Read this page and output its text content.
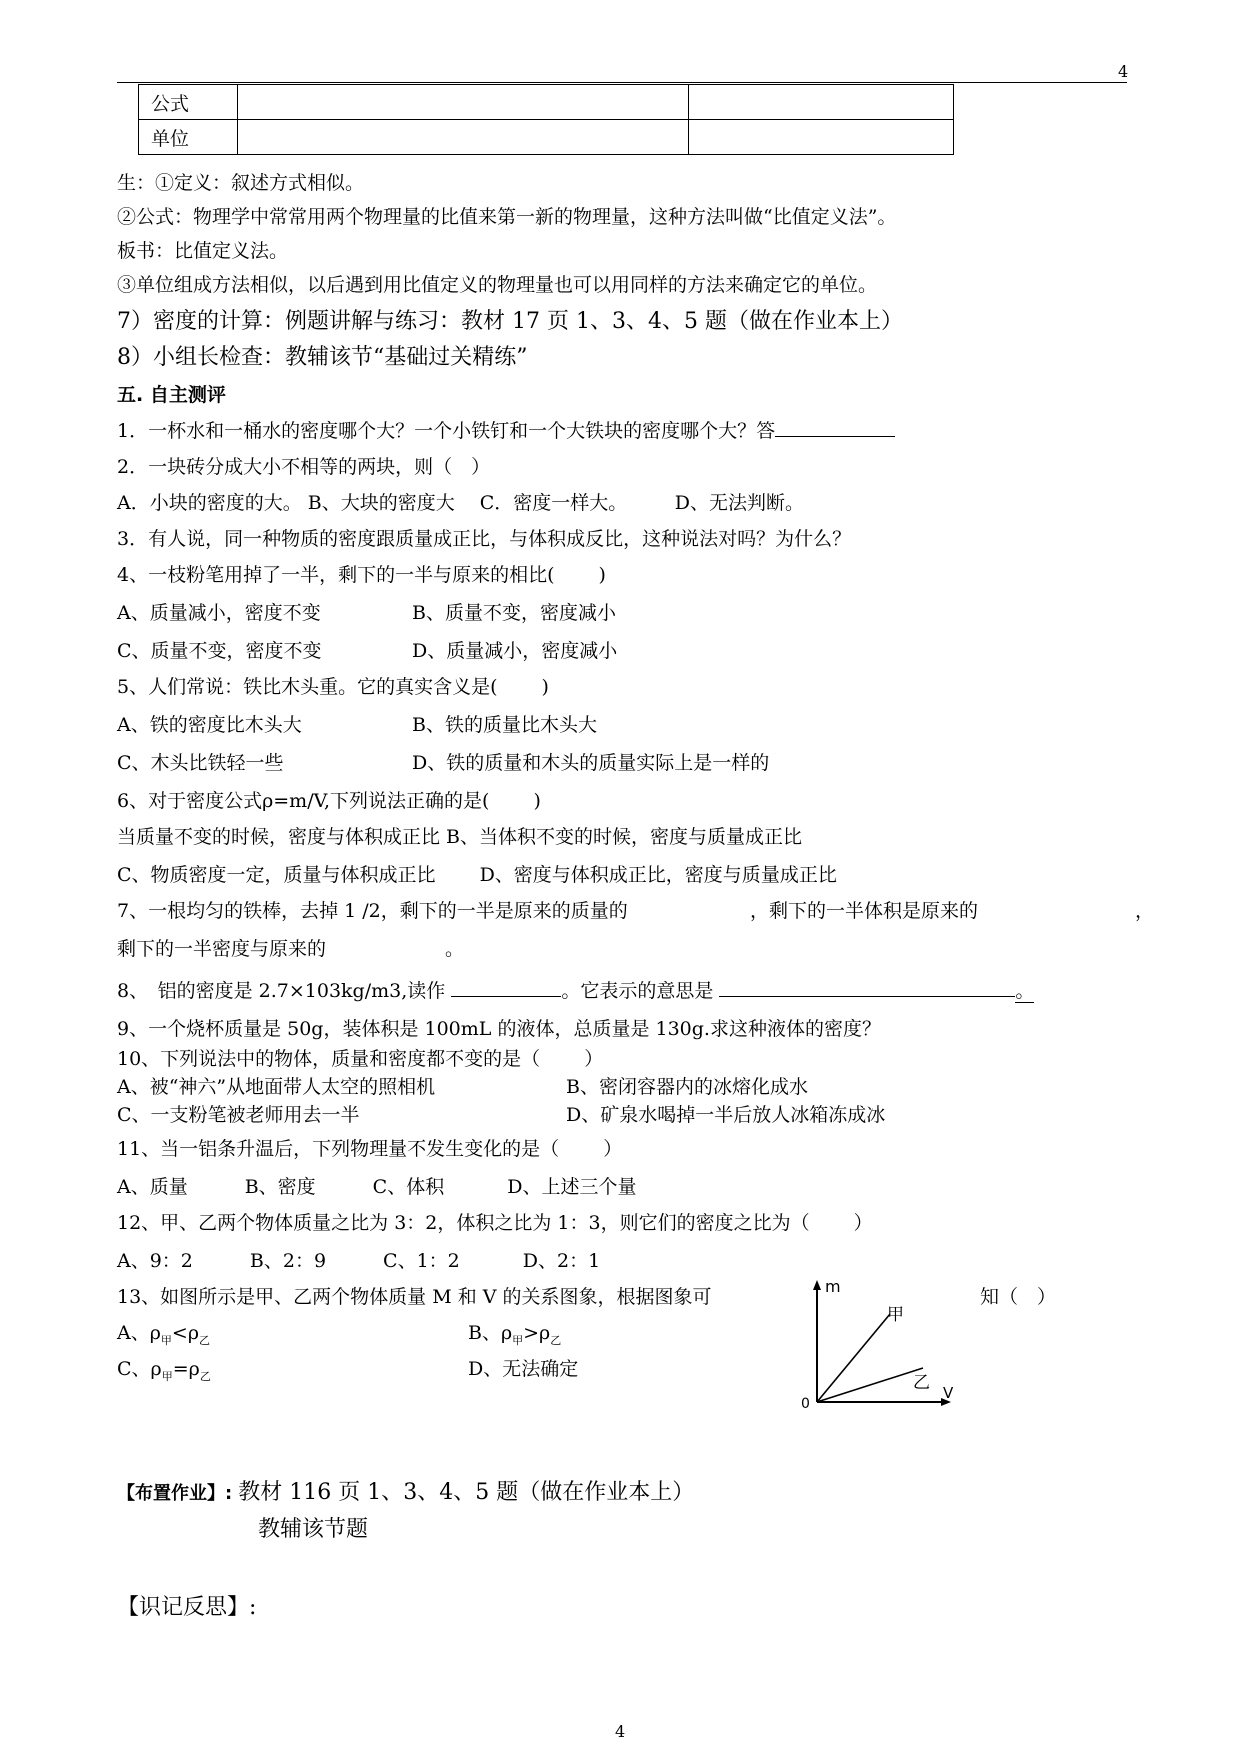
4
公式		
单位		
生：①定义：叙述方式相似。
②公式：物理学中常常用两个物理量的比值来第一新的物理量，这种方法叫做“比值定义法”。
板书：比值定义法。
③单位组成方法相似，以后遇到用比值定义的物理量也可以用同样的方法来确定它的单位。
7）密度的计算：例题讲解与练习：教材 17 页 1、3、4、5 题（做在作业本上）
8）小组长检查：教辅该节“基础过关精练”
五. 自主测评
1．一杯水和一桶水的密度哪个大？一个小铁钉和一个大铁块的密度哪个大？答
2．一块砖分成大小不相等的两块，则（　）
A．小块的密度的大。 B、大块的密度大　 C．密度一样大。　　　D、无法判断。
3．有人说，同一种物质的密度跟质量成正比，与体积成反比，这种说法对吗？为什么？
4、一枝粉笔用掉了一半，剩下的一半与原来的相比(　　 )
A、质量减小，密度不变	B、质量不变，密度减小
C、质量不变，密度不变	D、质量减小，密度减小
5、人们常说：铁比木头重。它的真实含义是(　　 )
A、铁的密度比木头大	B、铁的质量比木头大
C、木头比铁轻一些	D、铁的质量和木头的质量实际上是一样的
6、对于密度公式ρ=m/V,下列说法正确的是(　　 )
当质量不变的时候，密度与体积成正比 B、当体积不变的时候，密度与质量成正比
C、物质密度一定，质量与体积成正比　　 D、密度与体积成正比，密度与质量成正比
7、一根均匀的铁棒，去掉 1 /2，剩下的一半是原来的质量的	，剩下的一半体积是原来的	，
剩下的一半密度与原来的	。
8、　铝的密度是 2.7×103kg/m3,读作	。它表示的意思是	。
9、一个烧杯质量是 50g，装体积是 100mL 的液体，总质量是 130g.求这种液体的密度？
10、下列说法中的物体，质量和密度都不变的是（　　 ）
A、被“神六”从地面带人太空的照相机	B、密闭容器内的冰熔化成水
C、一支粉笔被老师用去一半	D、矿泉水喝掉一半后放人冰箱冻成冰
11、当一铝条升温后，下列物理量不发生变化的是（　　 ）
A、质量　　　B、密度　　　C、体积　　　 D、上述三个量
12、甲、乙两个物体质量之比为 3：2，体积之比为 1：3，则它们的密度之比为（　　 ）
A、9：2　　　B、2：9　　　C、1：2　　　 D、2：1
13、如图所示是甲、乙两个物体质量 M 和 V 的关系图象，根据图象可	知（　）
A、$\rho_甲<\rho_乙$	B、$\rho_甲>\rho_乙$
C、$\rho_甲=\rho_乙$	D、无法确定
m
V
0
甲
乙
【布置作业】: 教材 116 页 1、3、4、5 题（做在作业本上）
教辅该节题
【识记反思】:
4
